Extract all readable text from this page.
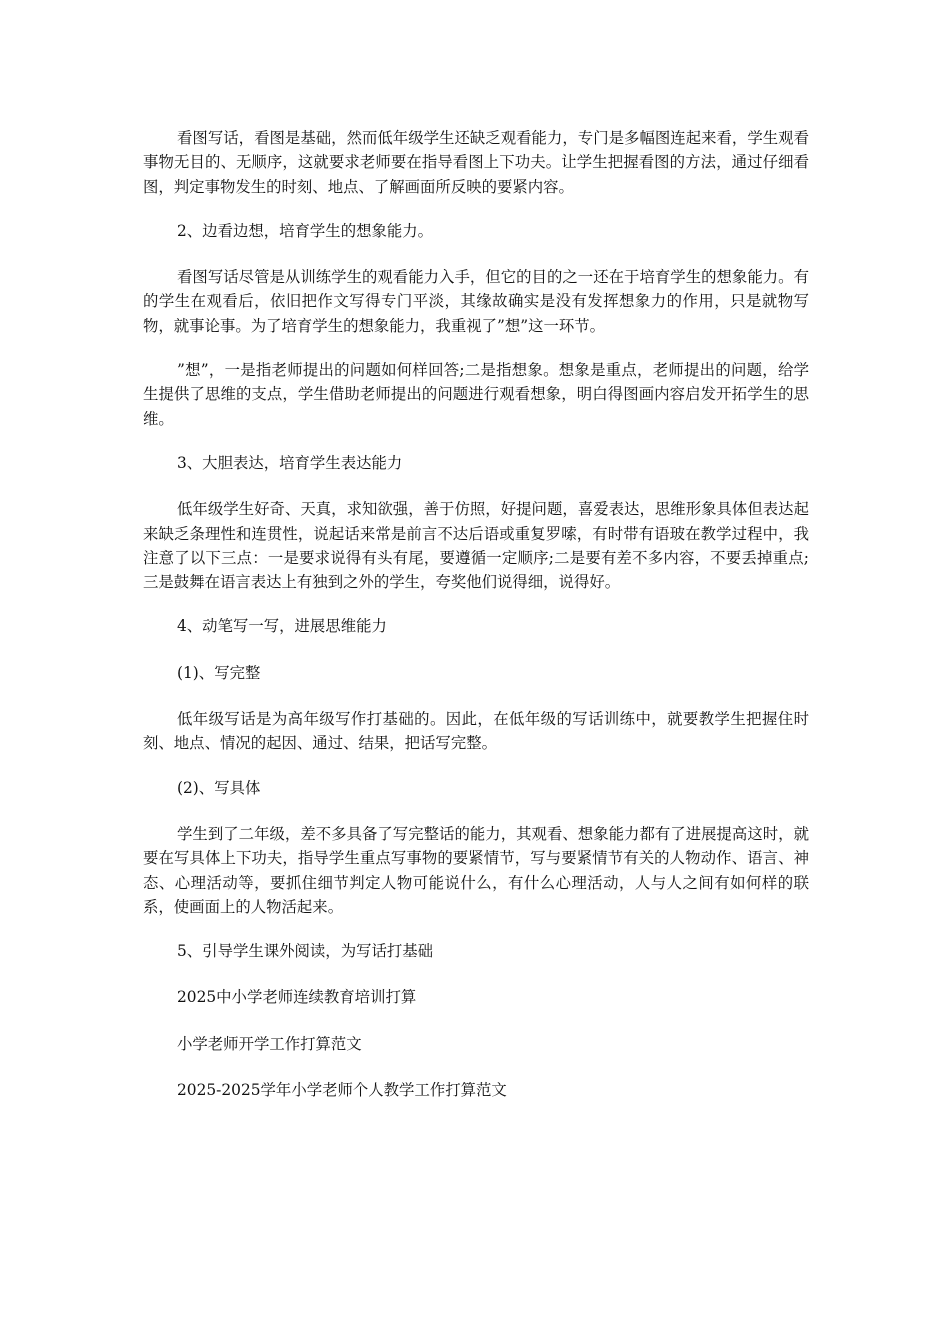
看图写话，看图是基础，然而低年级学生还缺乏观看能力，专门是多幅图连起来看，学生观看事物无目的、无顺序，这就要求老师要在指导看图上下功夫。让学生把握看图的方法，通过仔细看图，判定事物发生的时刻、地点、了解画面所反映的要紧内容。

2、边看边想，培育学生的想象能力。

看图写话尽管是从训练学生的观看能力入手，但它的目的之一还在于培育学生的想象能力。有的学生在观看后，依旧把作文写得专门平淡，其缘故确实是没有发挥想象力的作用，只是就物写物，就事论事。为了培育学生的想象能力，我重视了”想”这一环节。

”想”，一是指老师提出的问题如何样回答;二是指想象。想象是重点，老师提出的问题，给学生提供了思维的支点，学生借助老师提出的问题进行观看想象，明白得图画内容启发开拓学生的思维。

3、大胆表达，培育学生表达能力

低年级学生好奇、天真，求知欲强，善于仿照，好提问题，喜爱表达，思维形象具体但表达起来缺乏条理性和连贯性，说起话来常是前言不达后语或重复罗嗦，有时带有语玻在教学过程中，我注意了以下三点：一是要求说得有头有尾，要遵循一定顺序;二是要有差不多内容，不要丢掉重点;三是鼓舞在语言表达上有独到之外的学生，夸奖他们说得细，说得好。

4、动笔写一写，进展思维能力

(1)、写完整

低年级写话是为高年级写作打基础的。因此，在低年级的写话训练中，就要教学生把握住时刻、地点、情况的起因、通过、结果，把话写完整。

(2)、写具体

学生到了二年级，差不多具备了写完整话的能力，其观看、想象能力都有了进展提高这时，就要在写具体上下功夫，指导学生重点写事物的要紧情节，写与要紧情节有关的人物动作、语言、神态、心理活动等，要抓住细节判定人物可能说什么，有什么心理活动，人与人之间有如何样的联系，使画面上的人物活起来。

5、引导学生课外阅读，为写话打基础

2025中小学老师连续教育培训打算

小学老师开学工作打算范文

2025-2025学年小学老师个人教学工作打算范文
